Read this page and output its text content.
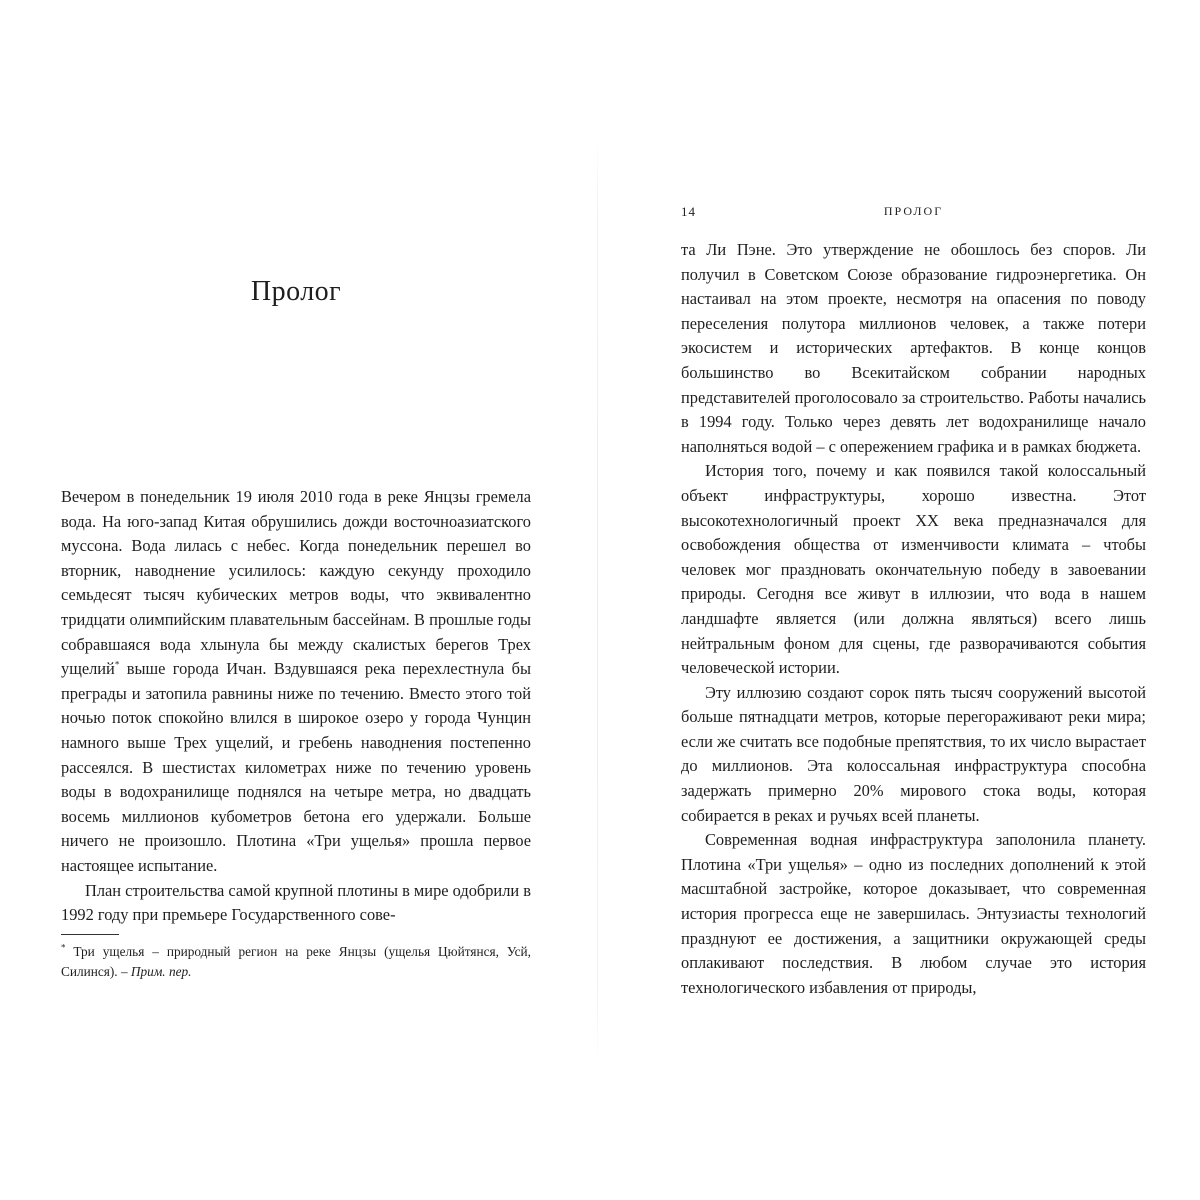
Пролог

Вечером в понедельник 19 июля 2010 года в реке Янцзы гремела вода. На юго-запад Китая обрушились дожди восточноазиатского муссона. Вода лилась с небес. Когда понедельник перешел во вторник, наводнение усилилось: каждую секунду проходило семьдесят тысяч кубических метров воды, что эквивалентно тридцати олимпийским плавательным бассейнам. В прошлые годы собравшаяся вода хлынула бы между скалистых берегов Трех ущелий* выше города Ичан. Вздувшаяся река перехлестнула бы преграды и затопила равнины ниже по течению. Вместо этого той ночью поток спокойно влился в широкое озеро у города Чунцин намного выше Трех ущелий, и гребень наводнения постепенно рассеялся. В шестистах километрах ниже по течению уровень воды в водохранилище поднялся на четыре метра, но двадцать восемь миллионов кубометров бетона его удержали. Больше ничего не произошло. Плотина «Три ущелья» прошла первое настоящее испытание.

План строительства самой крупной плотины в мире одобрили в 1992 году при премьере Государственного сове-

* Три ущелья – природный регион на реке Янцзы (ущелья Цюйтянся, Усй, Силинся). – Прим. пер.
14	ПРОЛОГ

та Ли Пэне. Это утверждение не обошлось без споров. Ли получил в Советском Союзе образование гидроэнергетика. Он настаивал на этом проекте, несмотря на опасения по поводу переселения полутора миллионов человек, а также потери экосистем и исторических артефактов. В конце концов большинство во Всекитайском собрании народных представителей проголосовало за строительство. Работы начались в 1994 году. Только через девять лет водохранилище начало наполняться водой – с опережением графика и в рамках бюджета.

История того, почему и как появился такой колоссальный объект инфраструктуры, хорошо известна. Этот высокотехнологичный проект XX века предназначался для освобождения общества от изменчивости климата – чтобы человек мог праздновать окончательную победу в завоевании природы. Сегодня все живут в иллюзии, что вода в нашем ландшафте является (или должна являться) всего лишь нейтральным фоном для сцены, где разворачиваются события человеческой истории.

Эту иллюзию создают сорок пять тысяч сооружений высотой больше пятнадцати метров, которые перегораживают реки мира; если же считать все подобные препятствия, то их число вырастает до миллионов. Эта колоссальная инфраструктура способна задержать примерно 20% мирового стока воды, которая собирается в реках и ручьях всей планеты.

Современная водная инфраструктура заполонила планету. Плотина «Три ущелья» – одно из последних дополнений к этой масштабной застройке, которое доказывает, что современная история прогресса еще не завершилась. Энтузиасты технологий празднуют ее достижения, а защитники окружающей среды оплакивают последствия. В любом случае это история технологического избавления от природы,
